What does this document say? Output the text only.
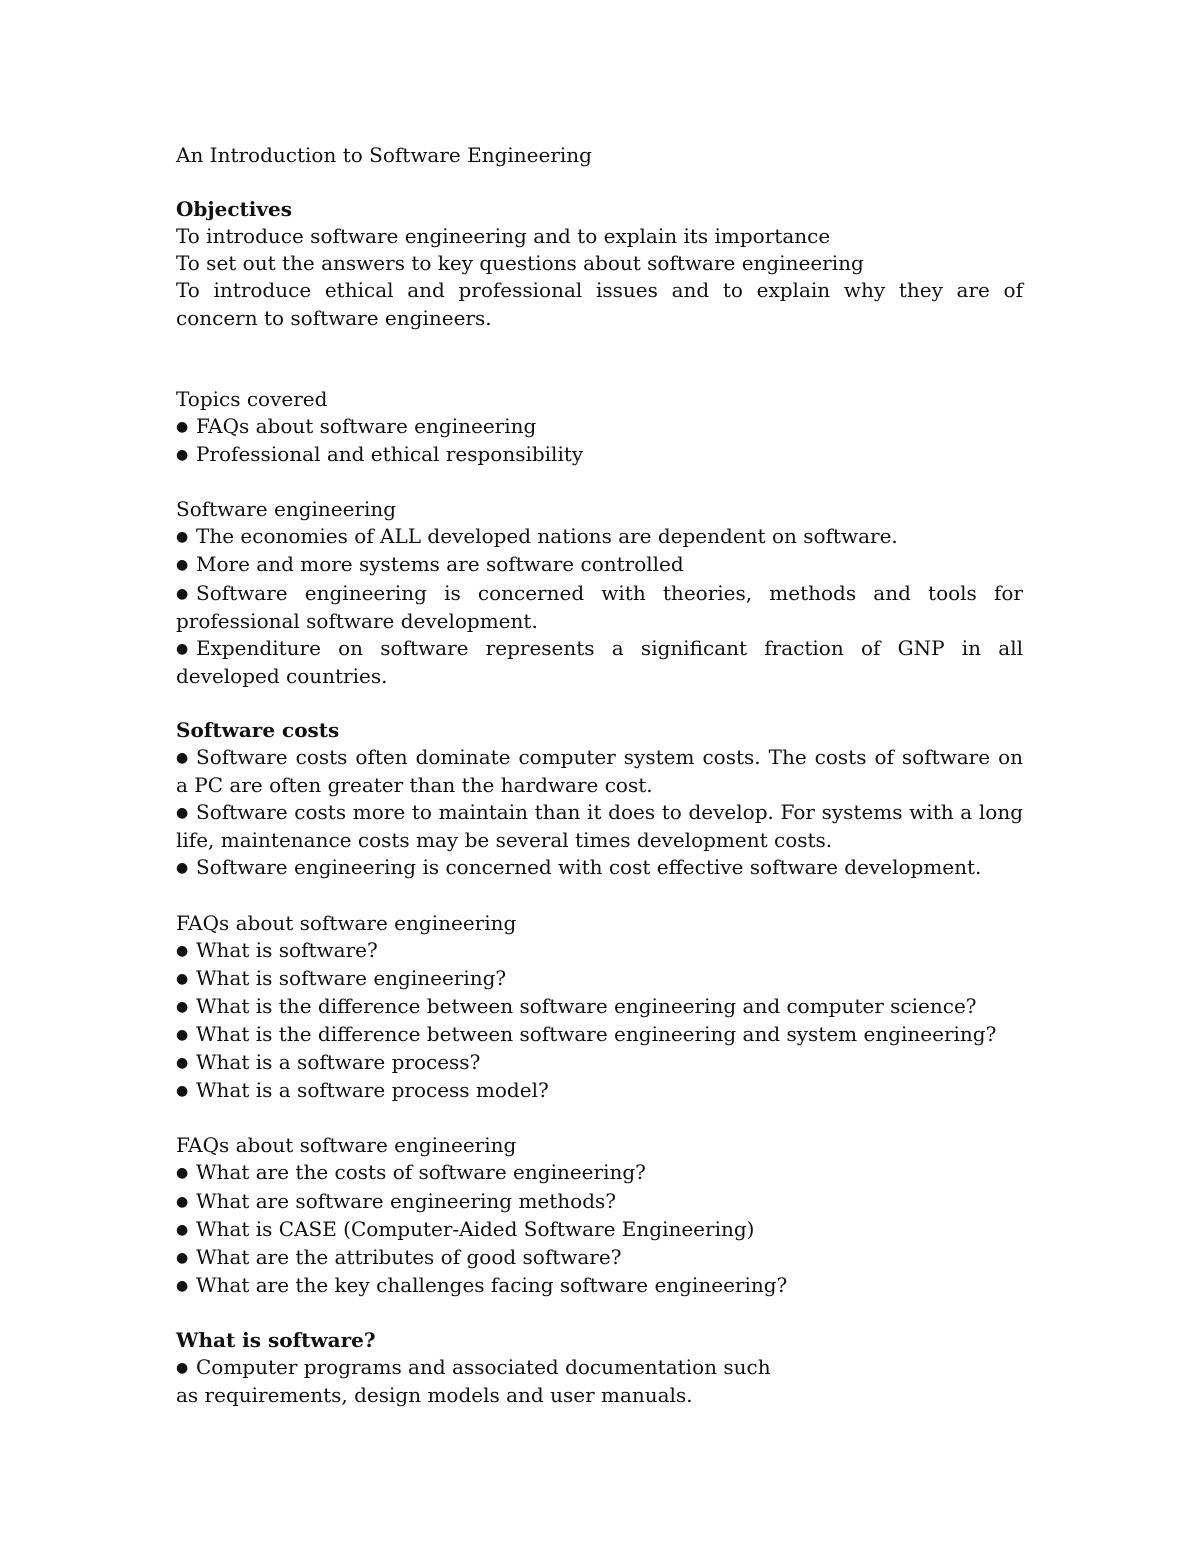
An Introduction to Software Engineering
Objectives
To introduce software engineering and to explain its importance
To set out the answers to key questions about software engineering
To introduce ethical and professional issues and to explain why they are of concern to software engineers.
Topics covered
● FAQs about software engineering
● Professional and ethical responsibility
Software engineering
● The economies of ALL developed nations are dependent on software.
● More and more systems are software controlled
● Software engineering is concerned with theories, methods and tools for professional software development.
● Expenditure on software represents a significant fraction of GNP in all developed countries.
Software costs
● Software costs often dominate computer system costs. The costs of software on a PC are often greater than the hardware cost.
● Software costs more to maintain than it does to develop. For systems with a long life, maintenance costs may be several times development costs.
● Software engineering is concerned with cost effective software development.
FAQs about software engineering
● What is software?
● What is software engineering?
● What is the difference between software engineering and computer science?
● What is the difference between software engineering and system engineering?
● What is a software process?
● What is a software process model?
FAQs about software engineering
● What are the costs of software engineering?
● What are software engineering methods?
● What is CASE (Computer-Aided Software Engineering)
● What are the attributes of good software?
● What are the key challenges facing software engineering?
What is software?
● Computer programs and associated documentation such
as requirements, design models and user manuals.
